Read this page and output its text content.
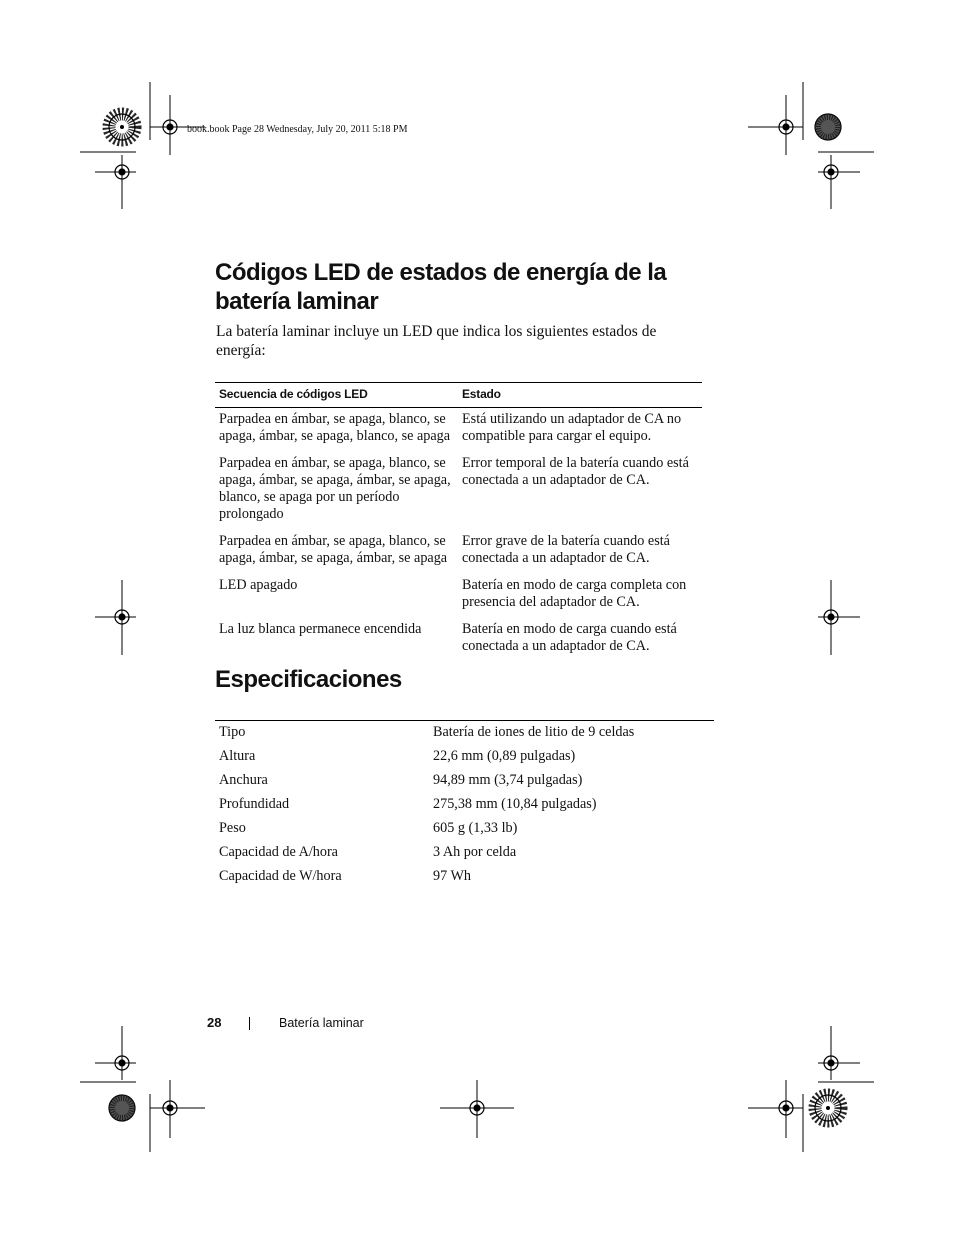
book.book Page 28 Wednesday, July 20, 2011 5:18 PM
Códigos LED de estados de energía de la batería laminar

La batería laminar incluye un LED que indica los siguientes estados de energía:

Secuencia de códigos LED	Estado
Parpadea en ámbar, se apaga, blanco, se apaga, ámbar, se apaga, blanco, se apaga	Está utilizando un adaptador de CA no compatible para cargar el equipo.
Parpadea en ámbar, se apaga, blanco, se apaga, ámbar, se apaga, ámbar, se apaga, blanco, se apaga por un período prolongado	Error temporal de la batería cuando está conectada a un adaptador de CA.
Parpadea en ámbar, se apaga, blanco, se apaga, ámbar, se apaga, ámbar, se apaga	Error grave de la batería cuando está conectada a un adaptador de CA.
LED apagado	Batería en modo de carga completa con presencia del adaptador de CA.
La luz blanca permanece encendida	Batería en modo de carga cuando está conectada a un adaptador de CA.
Especificaciones
Tipo	Batería de iones de litio de 9 celdas
Altura	22,6 mm (0,89 pulgadas)
Anchura	94,89 mm (3,74 pulgadas)
Profundidad	275,38 mm (10,84 pulgadas)
Peso	605 g (1,33 lb)
Capacidad de A/hora	3 Ah por celda
Capacidad de W/hora	97 Wh
28	Batería laminar
